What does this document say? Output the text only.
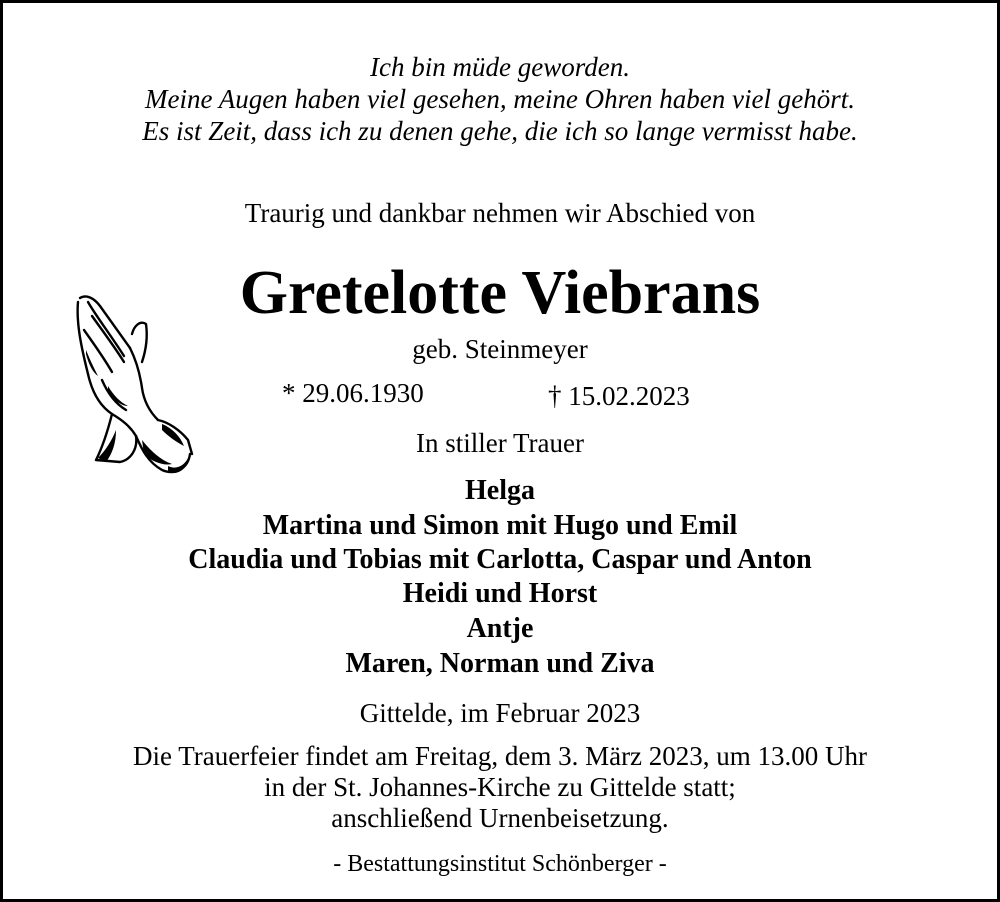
Ich bin müde geworden.
Meine Augen haben viel gesehen, meine Ohren haben viel gehört.
Es ist Zeit, dass ich zu denen gehe, die ich so lange vermisst habe.
Traurig und dankbar nehmen wir Abschied von
Gretelotte Viebrans
geb. Steinmeyer
* 29.06.1930	† 15.02.2023
In stiller Trauer
Helga
Martina und Simon mit Hugo und Emil
Claudia und Tobias mit Carlotta, Caspar und Anton
Heidi und Horst
Antje
Maren, Norman und Ziva
Gittelde, im Februar 2023
Die Trauerfeier findet am Freitag, dem 3. März 2023, um 13.00 Uhr
in der St. Johannes-Kirche zu Gittelde statt;
anschließend Urnenbeisetzung.
- Bestattungsinstitut Schönberger -
